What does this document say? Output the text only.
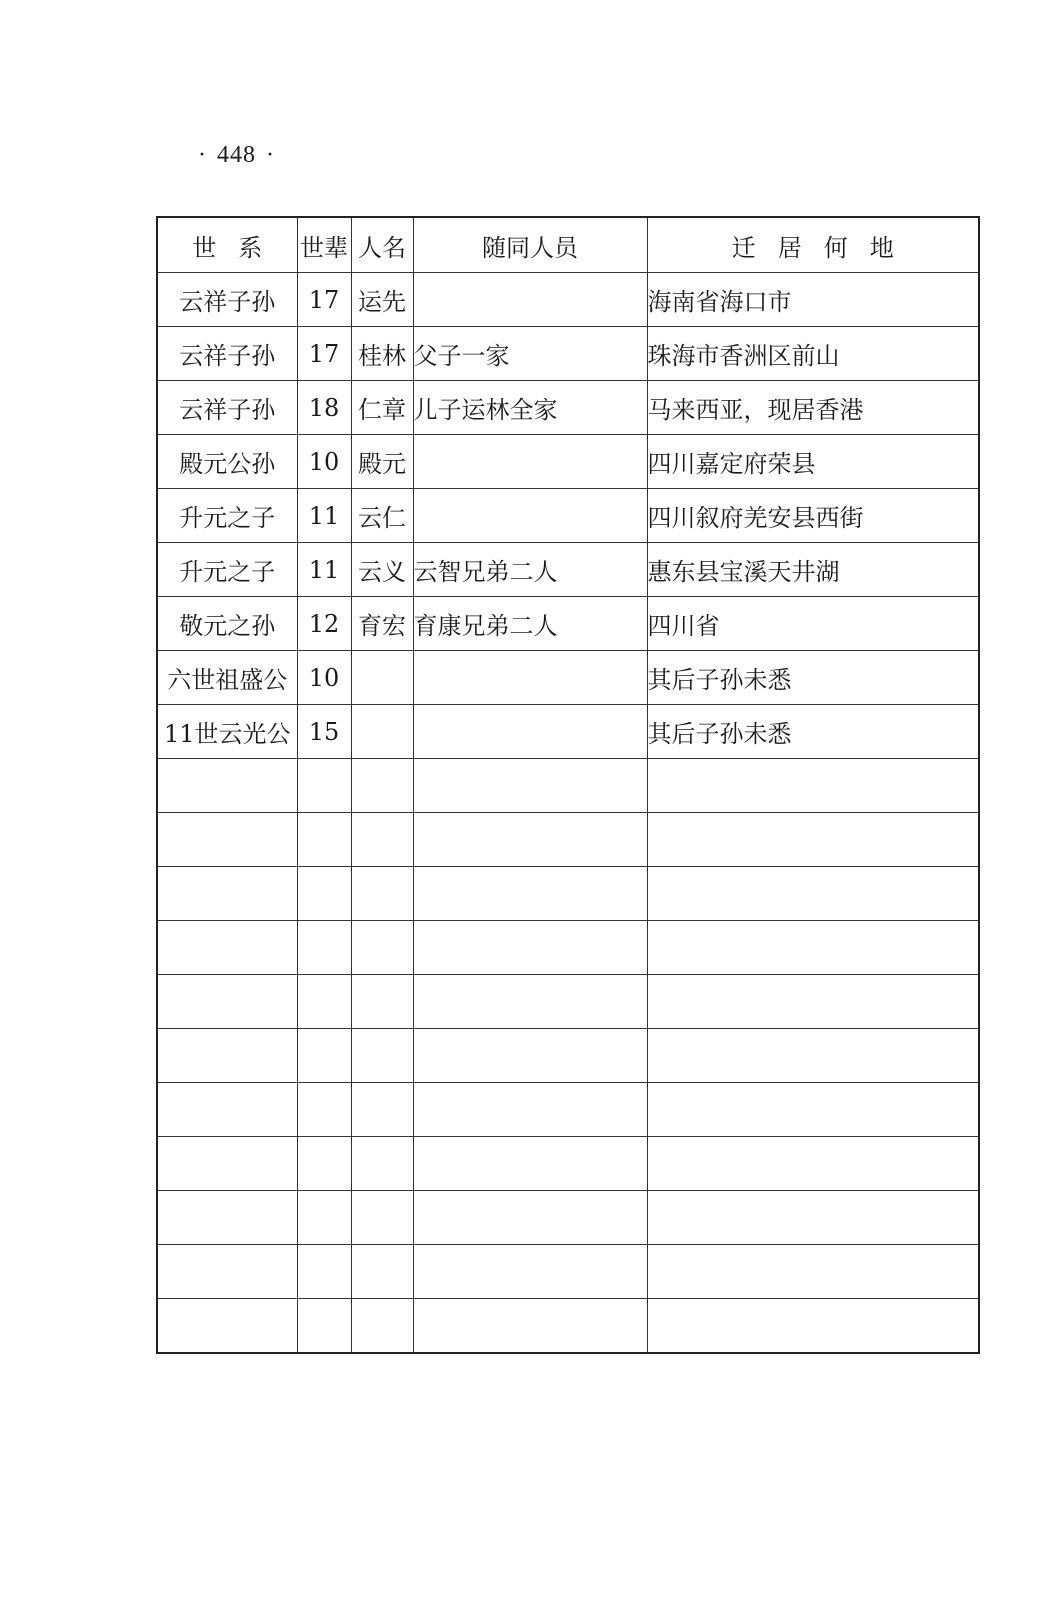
· 448 ·
世系	世辈	人名	随同人员	迁居何地
云祥子孙	17	运先		海南省海口市
云祥子孙	17	桂林	父子一家	珠海市香洲区前山
云祥子孙	18	仁章	儿子运林全家	马来西亚，现居香港
殿元公孙	10	殿元		四川嘉定府荣县
升元之子	11	云仁		四川叙府羌安县西街
升元之子	11	云义	云智兄弟二人	惠东县宝溪天井湖
敬元之孙	12	育宏	育康兄弟二人	四川省
六世祖盛公	10			其后子孙未悉
11世云光公	15			其后子孙未悉
